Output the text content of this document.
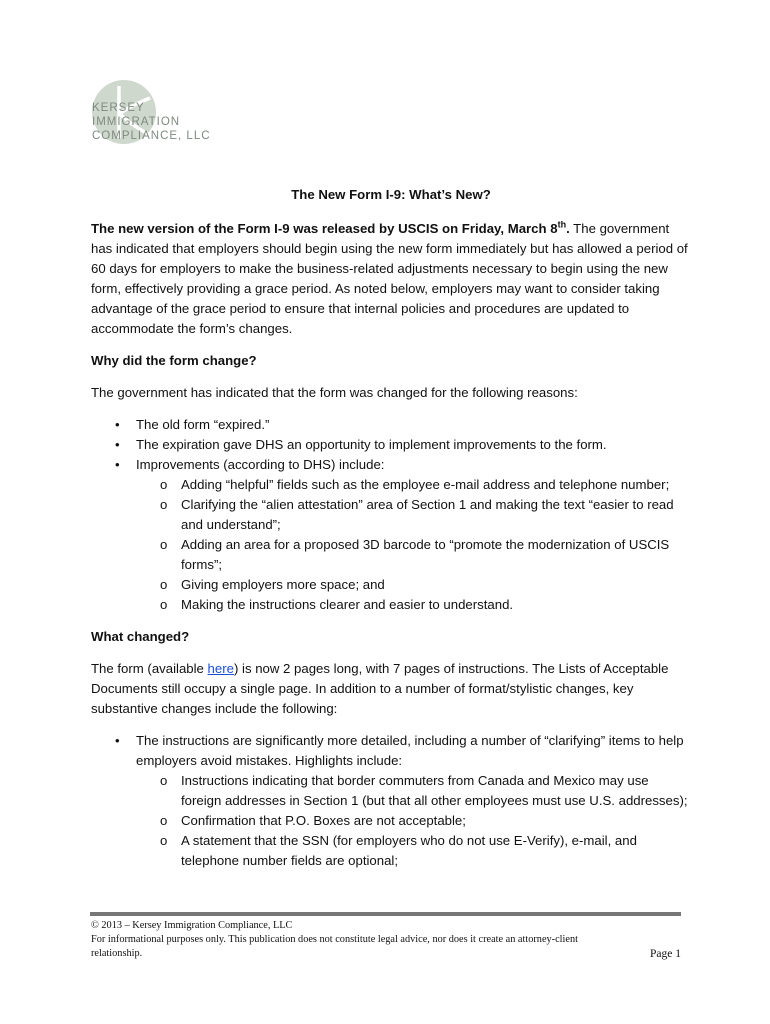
KERSEY
IMMIGRATION
COMPLIANCE, LLC
The New Form I-9: What’s New?

The new version of the Form I-9 was released by USCIS on Friday, March 8th. The government has indicated that employers should begin using the new form immediately but has allowed a period of 60 days for employers to make the business-related adjustments necessary to begin using the new form, effectively providing a grace period. As noted below, employers may want to consider taking advantage of the grace period to ensure that internal policies and procedures are updated to accommodate the form’s changes.

Why did the form change?

The government has indicated that the form was changed for the following reasons:

• The old form “expired.”
• The expiration gave DHS an opportunity to implement improvements to the form.
• Improvements (according to DHS) include:
o Adding “helpful” fields such as the employee e-mail address and telephone number;
o Clarifying the “alien attestation” area of Section 1 and making the text “easier to read and understand”;
o Adding an area for a proposed 3D barcode to “promote the modernization of USCIS forms”;
o Giving employers more space; and
o Making the instructions clearer and easier to understand.
What changed?

The form (available here) is now 2 pages long, with 7 pages of instructions. The Lists of Acceptable Documents still occupy a single page. In addition to a number of format/stylistic changes, key substantive changes include the following:

• The instructions are significantly more detailed, including a number of “clarifying” items to help employers avoid mistakes. Highlights include:
o Instructions indicating that border commuters from Canada and Mexico may use foreign addresses in Section 1 (but that all other employees must use U.S. addresses);
o Confirmation that P.O. Boxes are not acceptable;
o A statement that the SSN (for employers who do not use E-Verify), e-mail, and telephone number fields are optional;
© 2013 – Kersey Immigration Compliance, LLC
For informational purposes only. This publication does not constitute legal advice, nor does it create an attorney-client
relationship.	Page 1
